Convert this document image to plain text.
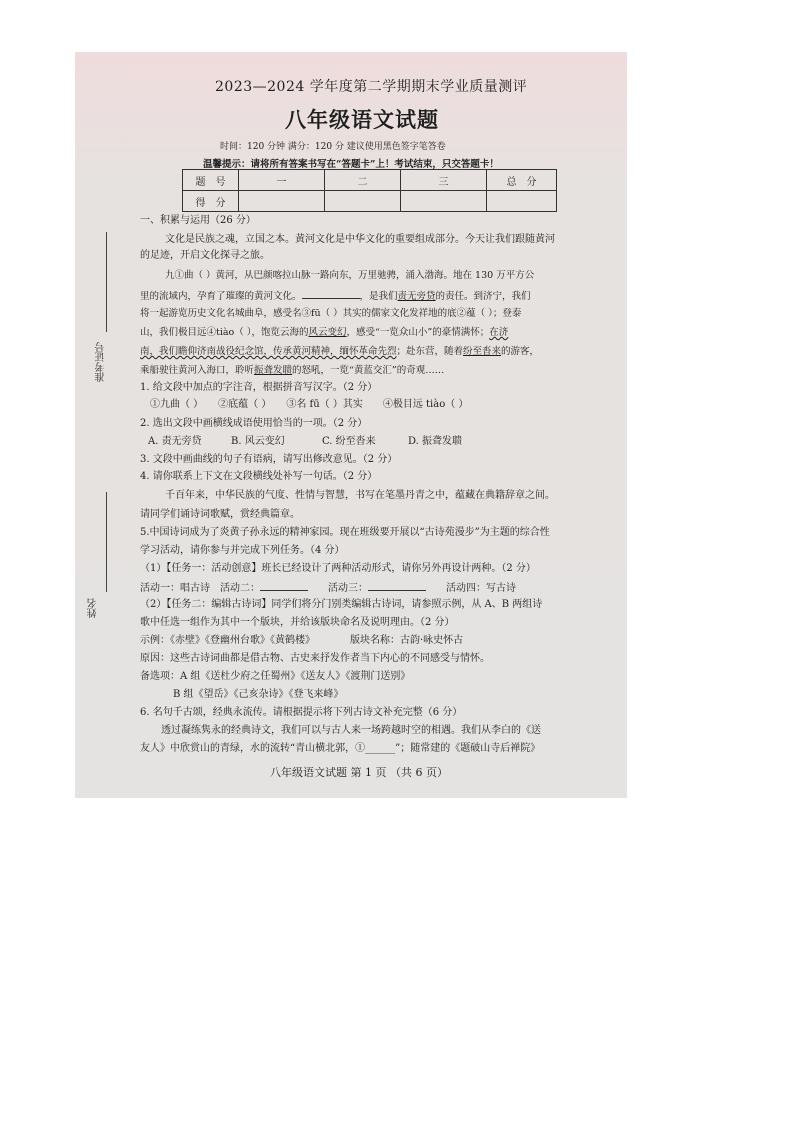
2023—2024 学年度第二学期期末学业质量测评
八年级语文试题
时间：120 分钟 满分：120 分 建议使用黑色签字笔答卷
温馨提示：请将所有答案书写在“答题卡”上！考试结束，只交答题卡！
题　号	一	二	三	总　分
得　分				
准考证号
姓名
一、积累与运用（26 分）
文化是民族之魂，立国之本。黄河文化是中华文化的重要组成部分。今天让我们跟随黄河
的足迹，开启文化探寻之旅。
九①曲（ ）黄河，从巴颜喀拉山脉一路向东，万里驰骋，涌入渤海。地在 130 万平方公
里的流域内，孕育了璀璨的黄河文化。	，是我们责无旁贷的责任。到济宁，我们
将一起游览历史文化名城曲阜，感受名③fū（ ）其实的儒家文化发祥地的底②蕴（ ）；登泰
山，我们极目远④tiào（ ），饱览云海的风云变幻，感受“一览众山小”的豪情满怀；在济
南，我们瞻仰济南战役纪念馆，传承黄河精神，缅怀革命先烈；赴东营，随着纷至沓来的游客，
乘船驶往黄河入海口，聆听振聋发聩的怒吼，一览“黄蓝交汇”的奇观……
1. 给文段中加点的字注音，根据拼音写汉字。（2 分）
①九曲（ ）　　②底蕴（ ）　　③名 fū（ ）其实　　④极目远 tiào（ ）
2. 选出文段中画横线成语使用恰当的一项。（2 分）
A. 责无旁贷	B. 风云变幻	C. 纷至沓来	D. 振聋发聩
3. 文段中画曲线的句子有语病，请写出修改意见。（2 分）
4. 请你联系上下文在文段横线处补写一句话。（2 分）
千百年来，中华民族的气度、性情与智慧，书写在笔墨丹青之中，蕴藏在典籍辞章之间。
请同学们诵诗词歌赋，赏经典篇章。
5.中国诗词成为了炎黄子孙永远的精神家园。现在班级要开展以“古诗苑漫步”为主题的综合性
学习活动，请你参与并完成下列任务。（4 分）
（1）【任务一：活动创意】班长已经设计了两种活动形式，请你另外再设计两种。（2 分）
活动一：唱古诗　 活动二：　　	活动三：　　	活动四：写古诗
（2）【任务二：编辑古诗词】同学们将分门别类编辑古诗词，请参照示例，从 A、B 两组诗
歌中任选一组作为其中一个版块，并给该版块命名及说明理由。（2 分）
示例：《赤壁》《登幽州台歌》《黄鹤楼》　　　　	版块名称：古韵·咏史怀古
原因：这些古诗词曲都是借古物、古史来抒发作者当下内心的不同感受与情怀。
备选项：A 组《送杜少府之任蜀州》《送友人》《渡荆门送别》
B 组《望岳》《己亥杂诗》《登飞来峰》
6. 名句千古颂，经典永流传。请根据提示将下列古诗文补充完整（6 分）
透过凝练隽永的经典诗文，我们可以与古人来一场跨越时空的相遇。我们从李白的《送
友人》中欣赏山的青绿，水的流转“青山横北郭，①______”；随常建的《题破山寺后禅院》
八年级语文试题 第 1 页 （共 6 页）
